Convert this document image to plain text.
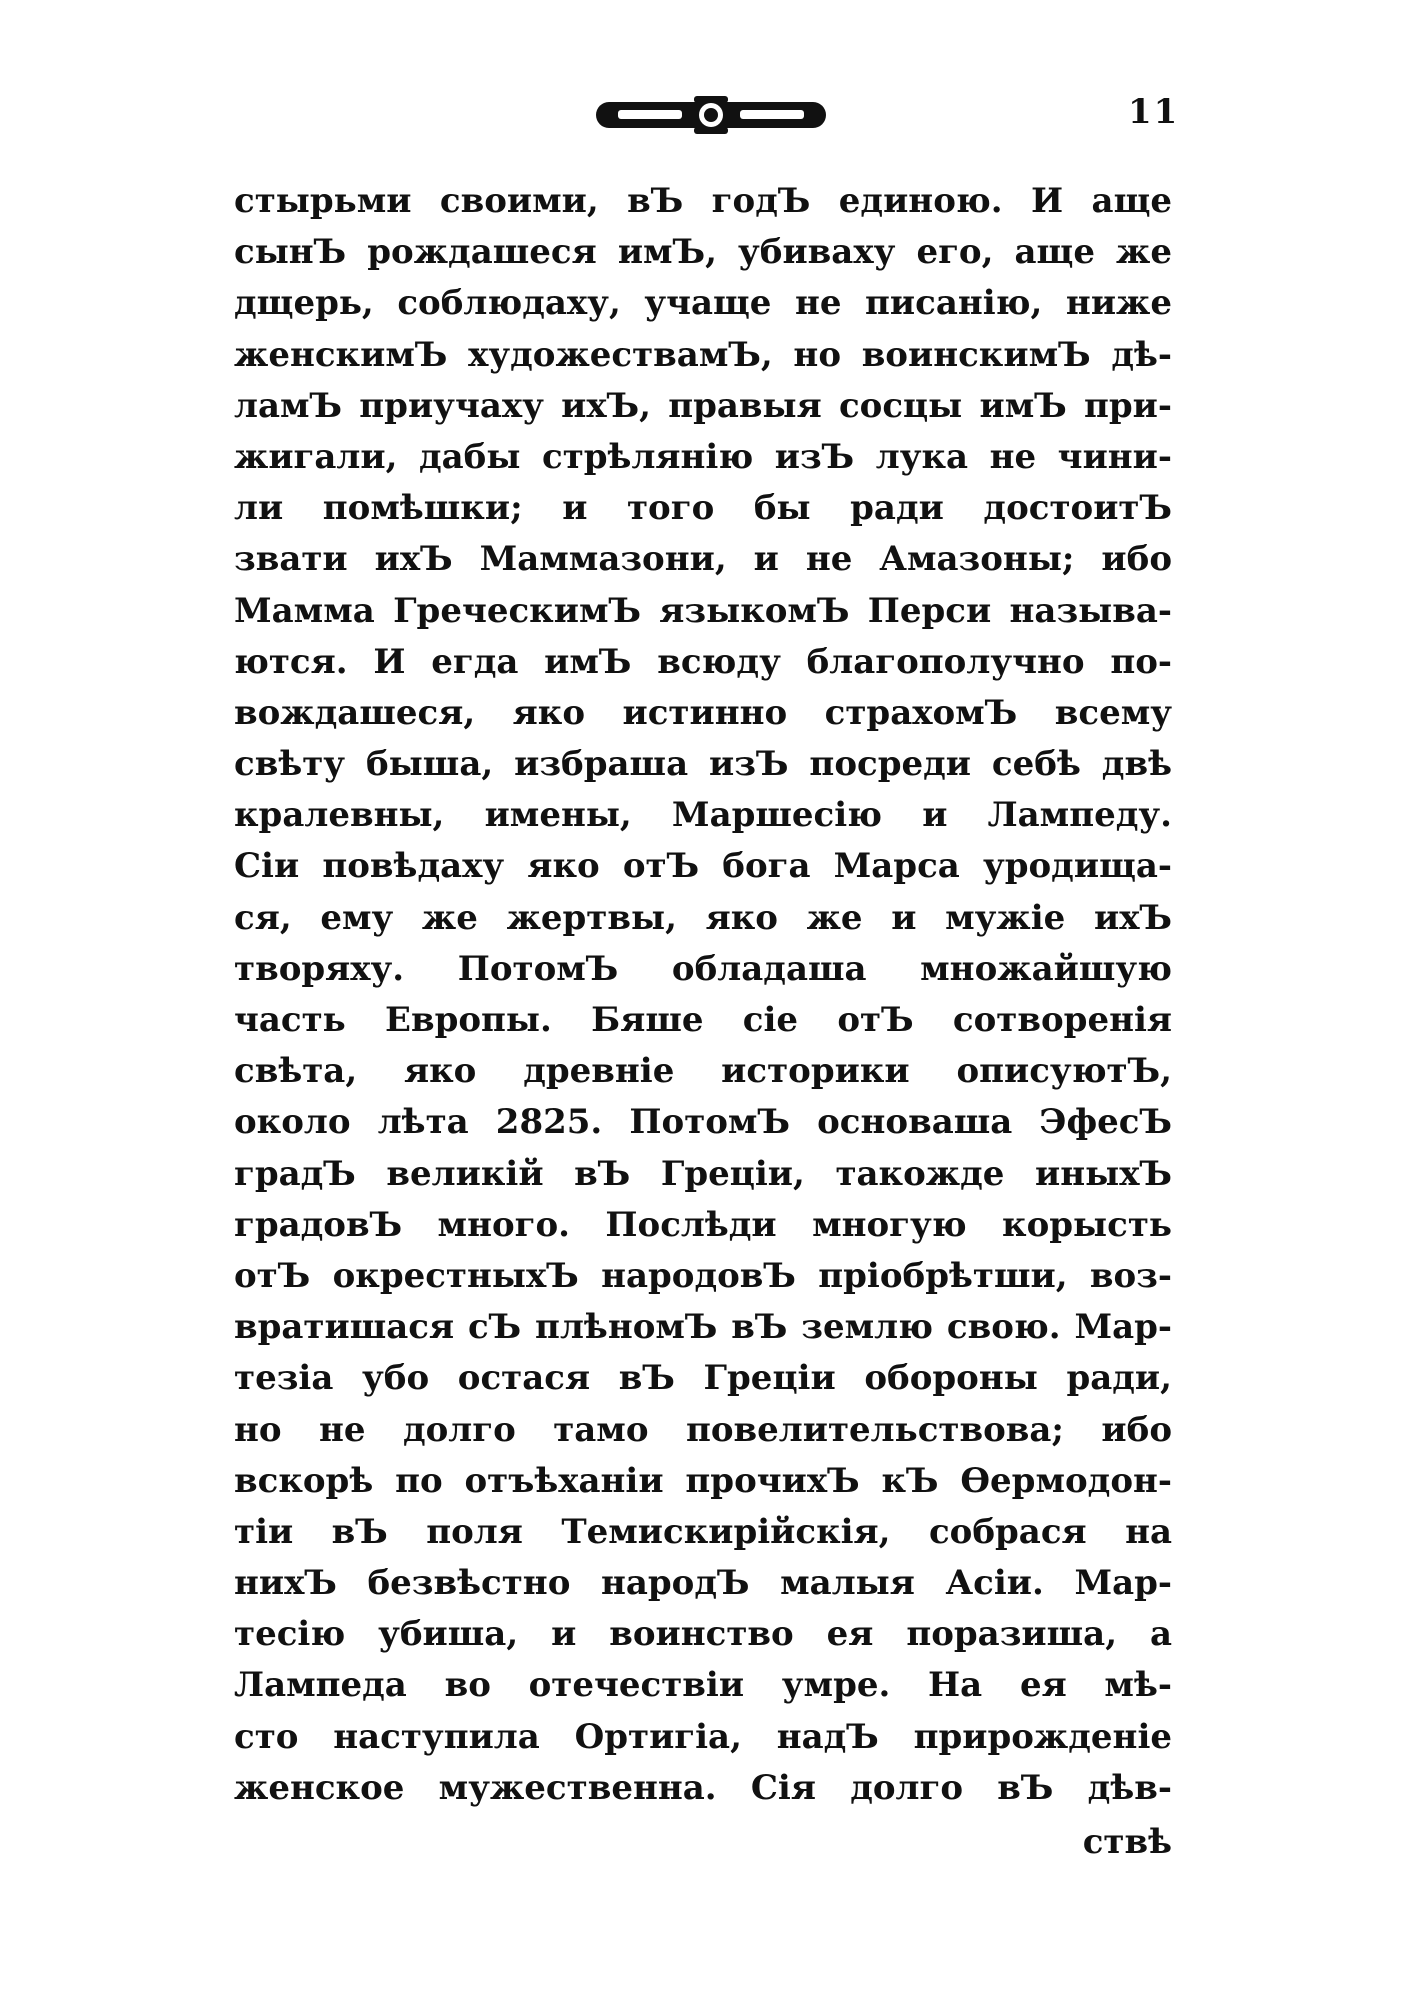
11
стырьми своими, вЪ годЪ единою. И аще
сынЪ рождашеся имЪ, убиваху его, аще же
дщерь, соблюдаху, учаще не писанію, ниже
женскимЪ художествамЪ, но воинскимЪ дѣ-
ламЪ приучаху ихЪ, правыя сосцы имЪ при-
жигали, дабы стрѣлянію изЪ лука не чини-
ли помѣшки; и того бы ради достоитЪ
звати ихЪ Маммазони, и не Амазоны; ибо
Мамма ГреческимЪ языкомЪ Перси называ-
ются. И егда имЪ всюду благополучно по-
вождашеся, яко истинно страхомЪ всему
свѣту быша, избраша изЪ посреди себѣ двѣ
кралевны, имены, Маршесію и Лампеду.
Сіи повѣдаху яко отЪ бога Марса уродища-
ся, ему же жертвы, яко же и мужіе ихЪ
творяху. ПотомЪ обладаша множайшую
часть Европы. Бяше сіе отЪ сотворенія
свѣта, яко древніе историки описуютЪ,
около лѣта 2825. ПотомЪ основаша ЭфесЪ
градЪ великій вЪ Греціи, такожде иныхЪ
градовЪ много. Послѣди многую корысть
отЪ окрестныхЪ народовЪ пріобрѣтши, воз-
вратишася сЪ плѣномЪ вЪ землю свою. Мар-
тезіа убо остася вЪ Греціи обороны ради,
но не долго тамо повелительствова; ибо
вскорѣ по отъѣханіи прочихЪ кЪ Ѳермодон-
тіи вЪ поля Темискирійскія, собрася на
нихЪ безвѣстно народЪ малыя Асіи. Мар-
тесію убиша, и воинство ея поразиша, а
Лампеда во отечествіи умре. На ея мѣ-
сто наступила Ортигіа, надЪ прирожденіе
женское мужественна. Сія долго вЪ дѣв-
ствѣ
